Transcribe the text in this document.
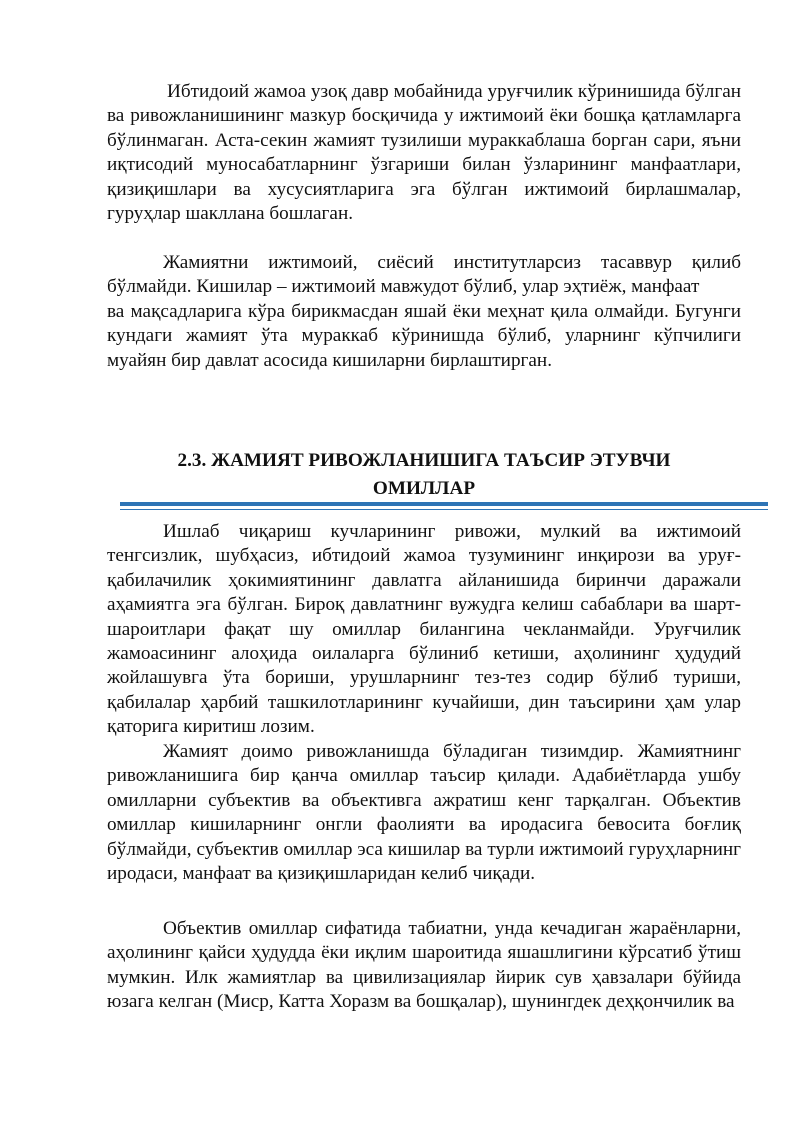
Ибтидоий жамоа узоқ давр мобайнида уруғчилик кўринишида бўлган ва ривожланишининг мазкур босқичида у ижтимоий ёки бошқа қатламларга бўлинмаган. Аста-секин жамият тузилиши мураккаблаша борган сари, яъни иқтисодий муносабатларнинг ўзгариши билан ўзларининг манфаатлари, қизиқишлари ва хусусиятларига эга бўлган ижтимоий бирлашмалар, гуруҳлар шакллана бошлаган.

Жамиятни ижтимоий, сиёсий институтларсиз тасаввур қилиб бўлмайди. Кишилар – ижтимоий мавжудот бўлиб, улар эҳтиёж, манфаат
ва мақсадларига кўра бирикмасдан яшай ёки меҳнат қила олмайди. Бугунги кундаги жамият ўта мураккаб кўринишда бўлиб, уларнинг кўпчилиги муайян бир давлат асосида кишиларни бирлаштирган.

2.3. ЖАМИЯТ РИВОЖЛАНИШИГА ТАЪСИР ЭТУВЧИ
ОМИЛЛАР

Ишлаб чиқариш кучларининг ривожи, мулкий ва ижтимоий тенгсизлик, шубҳасиз, ибтидоий жамоа тузумининг инқирози ва уруғ-қабилачилик ҳокимиятининг давлатга айланишида биринчи даражали аҳамиятга эга бўлган. Бироқ давлатнинг вужудга келиш сабаблари ва шарт-шароитлари фақат шу омиллар билангина чекланмайди. Уруғчилик жамоасининг алоҳида оилаларга бўлиниб кетиши, аҳолининг ҳудудий жойлашувга ўта бориши, урушларнинг тез-тез содир бўлиб туриши, қабилалар ҳарбий ташкилотларининг кучайиши, дин таъсирини ҳам улар қаторига киритиш лозим.

Жамият доимо ривожланишда бўладиган тизимдир. Жамиятнинг ривожланишига бир қанча омиллар таъсир қилади. Адабиётларда ушбу омилларни субъектив ва объективга ажратиш кенг тарқалган. Объектив омиллар кишиларнинг онгли фаолияти ва иродасига бевосита боғлиқ бўлмайди, субъектив омиллар эса кишилар ва турли ижтимоий гуруҳларнинг иродаси, манфаат ва қизиқишларидан келиб чиқади.

Объектив омиллар сифатида табиатни, унда кечадиган жараёнларни, аҳолининг қайси ҳудудда ёки иқлим шароитида яшашлигини кўрсатиб ўтиш мумкин. Илк жамиятлар ва цивилизациялар йирик сув ҳавзалари бўйида юзага келган (Миср, Катта Хоразм ва бошқалар), шунингдек деҳқончилик ва
